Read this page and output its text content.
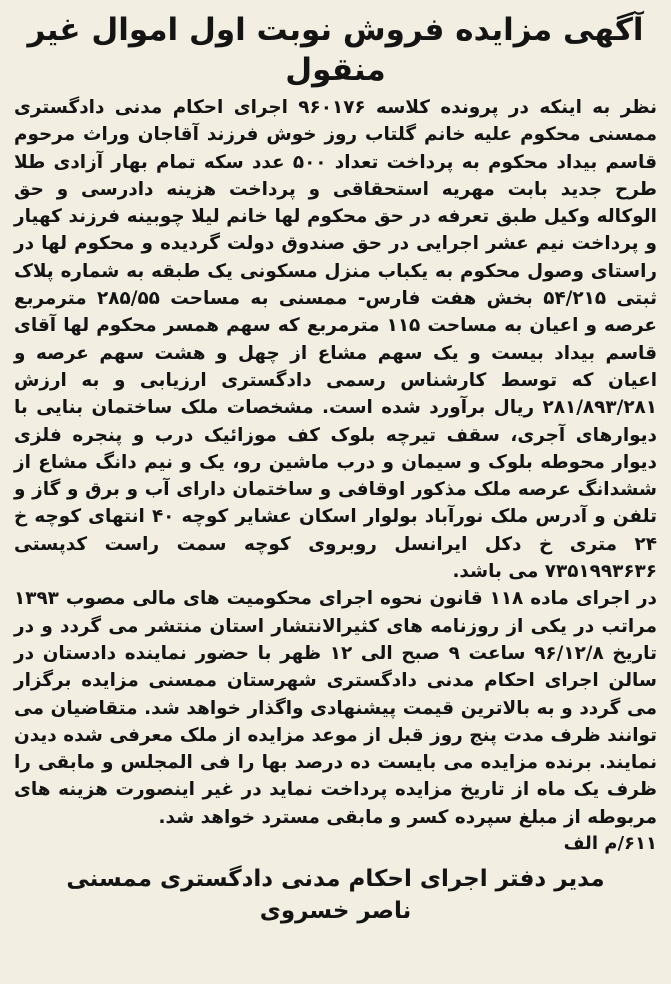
آگهی مزایده فروش نوبت اول اموال غیر منقول

نظر به اینکه در پرونده کلاسه ۹۶۰۱۷۶ اجرای احکام مدنی دادگستری ممسنی محکوم علیه خانم گلتاب روز خوش فرزند آقاجان وراث مرحوم قاسم بیداد محکوم به پرداخت تعداد ۵۰۰ عدد سکه تمام بهار آزادی طلا طرح جدید بابت مهریه استحقاقی و پرداخت هزینه دادرسی و حق الوکاله وکیل طبق تعرفه در حق محکوم لها خانم لیلا چوبینه فرزند کهیار و پرداخت نیم عشر اجرایی در حق صندوق دولت گردیده و محکوم لها در راستای وصول محکوم به یکباب منزل مسکونی یک طبقه به شماره پلاک ثبتی ۵۴/۲۱۵ بخش هفت فارس- ممسنی به مساحت ۲۸۵/۵۵ مترمربع عرصه و اعیان به مساحت ۱۱۵ مترمربع که سهم همسر محکوم لها آقای قاسم بیداد بیست و یک سهم مشاع از چهل و هشت سهم عرصه و اعیان که توسط کارشناس رسمی دادگستری ارزیابی و به ارزش ۲۸۱/۸۹۳/۲۸۱ ریال برآورد شده است. مشخصات ملک ساختمان بنایی با دیوارهای آجری، سقف تیرچه بلوک کف موزائیک درب و پنجره فلزی دیوار محوطه بلوک و سیمان و درب ماشین رو، یک و نیم دانگ مشاع از ششدانگ عرصه ملک مذکور اوقافی و ساختمان دارای آب و برق و گاز و تلفن و آدرس ملک نورآباد بولوار اسکان عشایر کوچه ۴۰ انتهای کوچه خ ۲۴ متری خ دکل ایرانسل روبروی کوچه سمت راست کدپستی ۷۳۵۱۹۹۳۶۳۶ می باشد.

در اجرای ماده ۱۱۸ قانون نحوه اجرای محکومیت های مالی مصوب ۱۳۹۳ مراتب در یکی از روزنامه های کثیرالانتشار استان منتشر می گردد و در تاریخ ۹۶/۱۲/۸ ساعت ۹ صبح الی ۱۲ ظهر با حضور نماینده دادستان در سالن اجرای احکام مدنی دادگستری شهرستان ممسنی مزایده برگزار می گردد و به بالاترین قیمت پیشنهادی واگذار خواهد شد. متقاضیان می توانند ظرف مدت پنج روز قبل از موعد مزایده از ملک معرفی شده دیدن نمایند. برنده مزایده می بایست ده درصد بها را فی المجلس و مابقی را ظرف یک ماه از تاریخ مزایده پرداخت نماید در غیر اینصورت هزینه های مربوطه از مبلغ سپرده کسر و مابقی مسترد خواهد شد.

۶۱۱/م الف
مدیر دفتر اجرای احکام مدنی دادگستری ممسنی
ناصر خسروی
